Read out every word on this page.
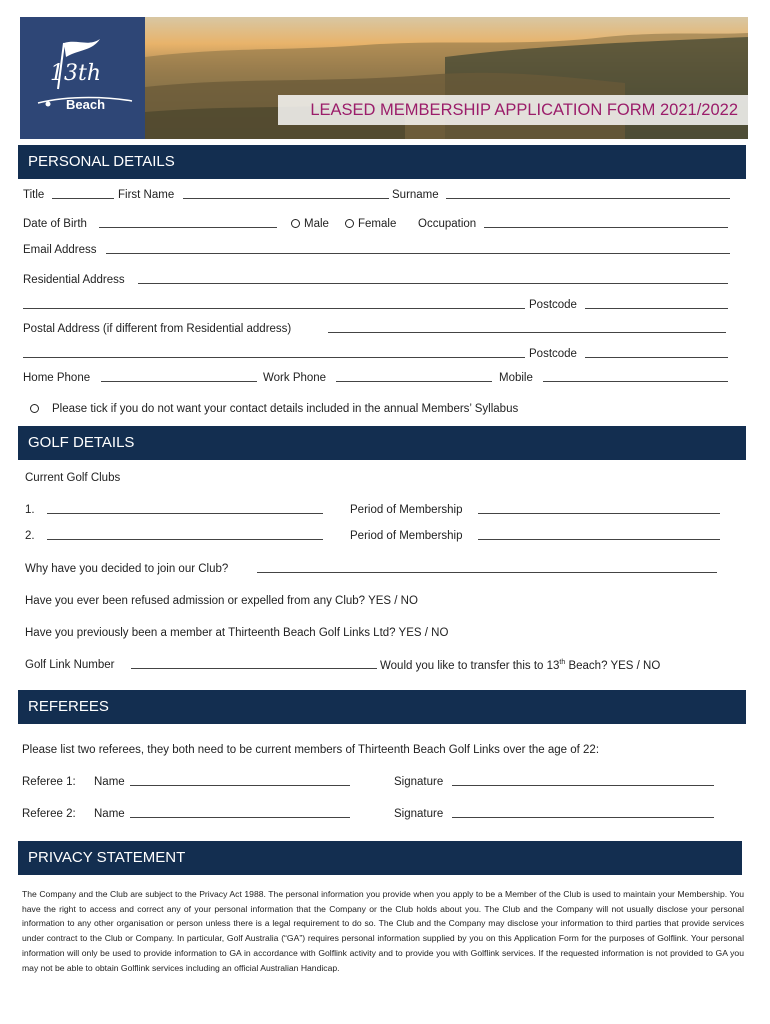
13th
Beach	LEASED MEMBERSHIP APPLICATION FORM 2021/2022
PERSONAL DETAILS
Title	First Name	Surname
Date of Birth	Male	Female Occupation
Email Address
Residential Address
Postcode
Postal Address (if different from Residential address)
Postcode
Home Phone	Work Phone	Mobile
Please tick if you do not want your contact details included in the annual Members’ Syllabus
GOLF DETAILS
Current Golf Clubs
1.	Period of Membership
2.	Period of Membership
Why have you decided to join our Club?
Have you ever been refused admission or expelled from any Club? YES / NO
Have you previously been a member at Thirteenth Beach Golf Links Ltd? YES / NO
Golf Link Number	Would you like to transfer this to 13th Beach? YES / NO
REFEREES
Please list two referees, they both need to be current members of Thirteenth Beach Golf Links over the age of 22:
Referee 1: Name	Signature
Referee 2: Name	Signature
PRIVACY STATEMENT
The Company and the Club are subject to the Privacy Act 1988. The personal information you provide when you apply to be a Member of the Club is used to maintain your Membership. You have the right to access and correct any of your personal information that the Company or the Club holds about you. The Club and the Company will not usually disclose your personal information to any other organisation or person unless there is a legal requirement to do so. The Club and the Company may disclose your information to third parties that provide services under contract to the Club or Company. In particular, Golf Australia (“GA”) requires personal information supplied by you on this Application Form for the purposes of Golflink. Your personal information will only be used to provide information to GA in accordance with Golflink activity and to provide you with Golflink services. If the requested information is not provided to GA you may not be able to obtain Golflink services including an official Australian Handicap.
